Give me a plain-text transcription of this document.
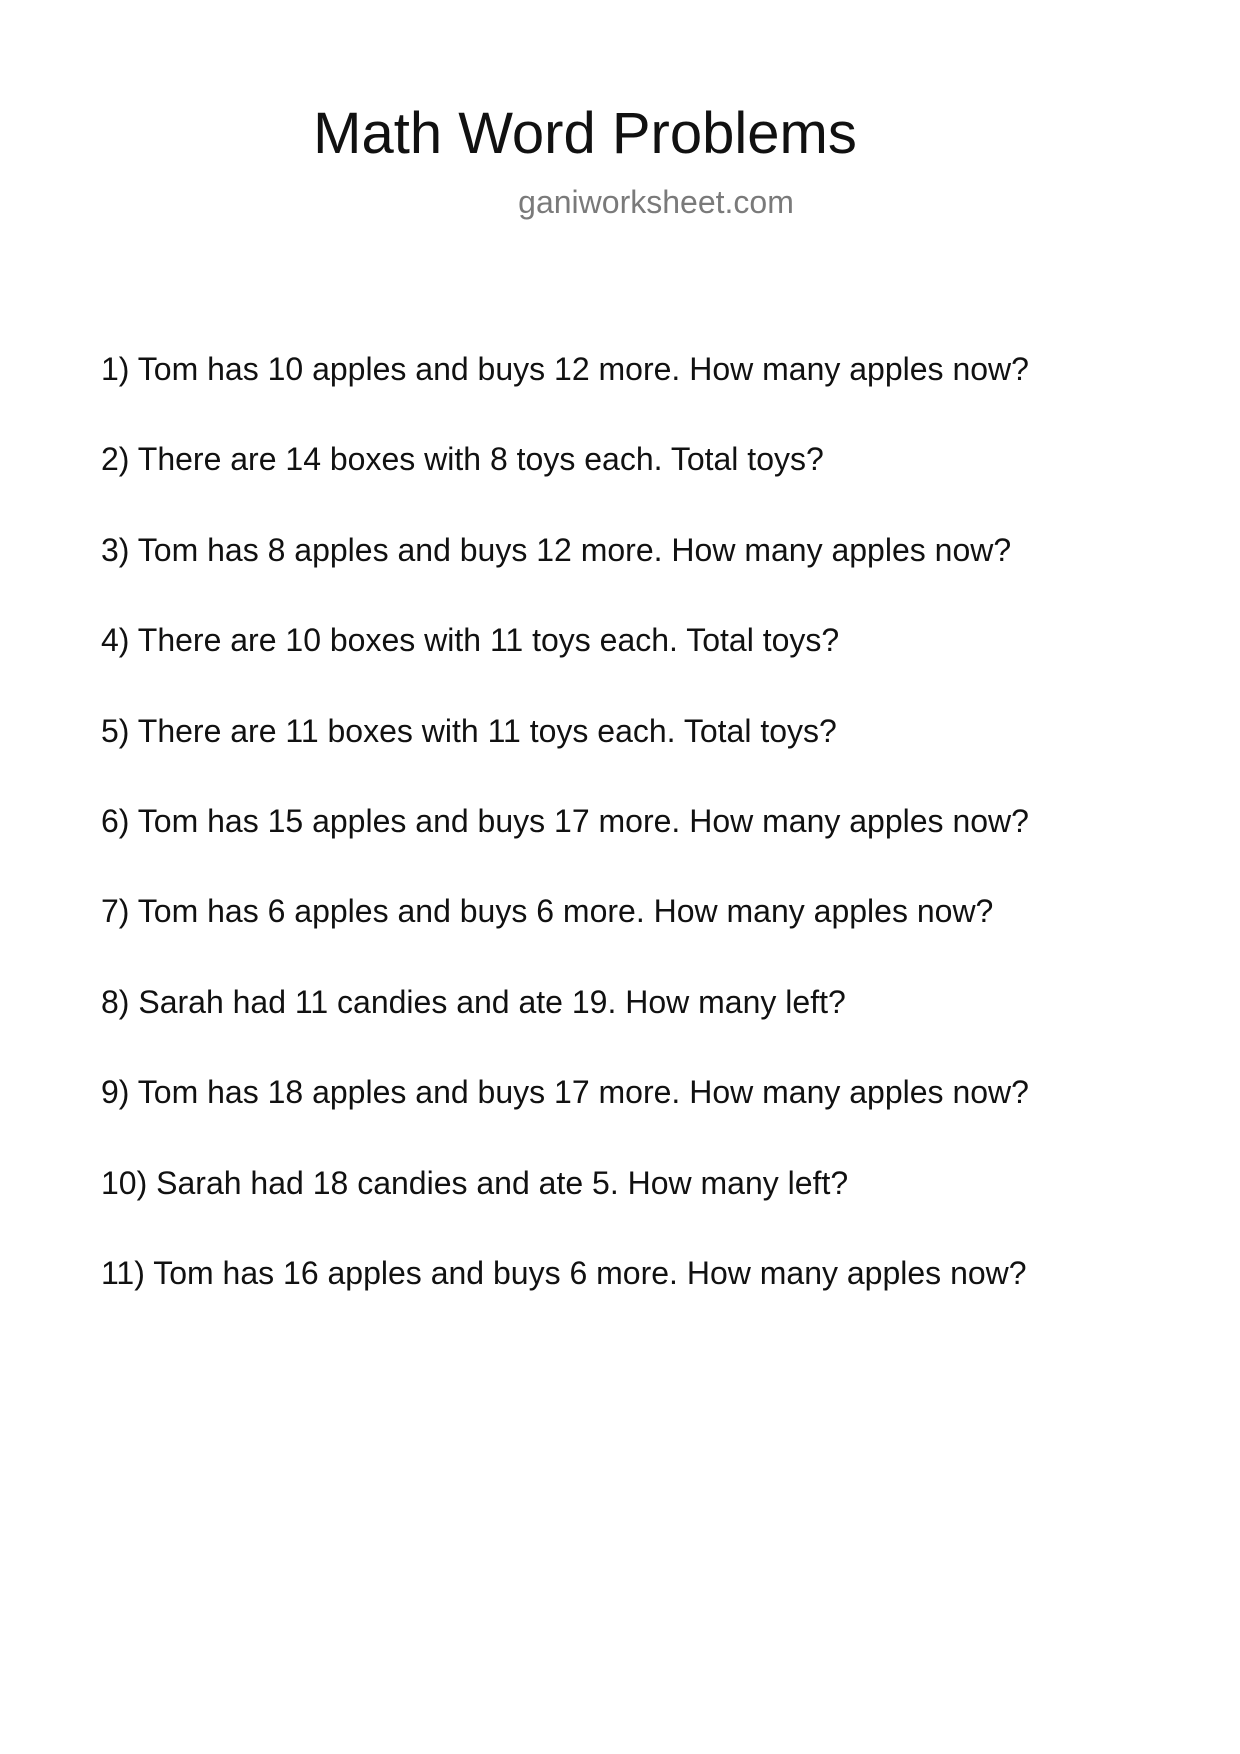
Math Word Problems

ganiworksheet.com

1) Tom has 10 apples and buys 12 more. How many apples now?
2) There are 14 boxes with 8 toys each. Total toys?
3) Tom has 8 apples and buys 12 more. How many apples now?
4) There are 10 boxes with 11 toys each. Total toys?
5) There are 11 boxes with 11 toys each. Total toys?
6) Tom has 15 apples and buys 17 more. How many apples now?
7) Tom has 6 apples and buys 6 more. How many apples now?
8) Sarah had 11 candies and ate 19. How many left?
9) Tom has 18 apples and buys 17 more. How many apples now?
10) Sarah had 18 candies and ate 5. How many left?
11) Tom has 16 apples and buys 6 more. How many apples now?
